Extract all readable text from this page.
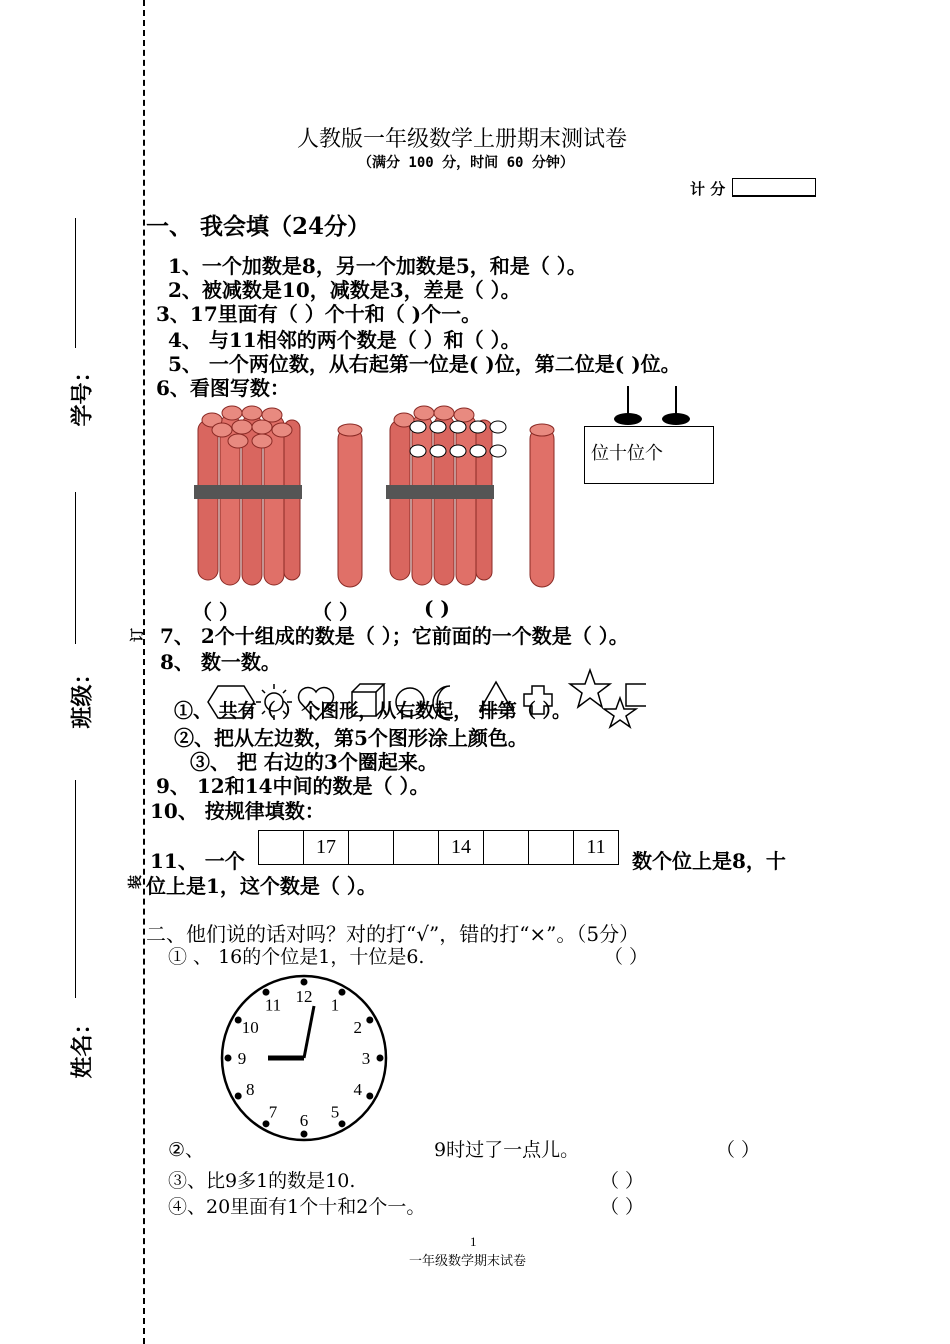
学号：
班级：
姓名：
订
装
人教版一年级数学上册期末测试卷
（满分 100 分，时间 60 分钟）
计 分
一、 我会填（24分）
1、一个加数是8，另一个加数是5，和是（ ）。
2、被减数是10，减数是3，差是（ ）。
3、17里面有（ ）个十和（ )个一。
4、 与11相邻的两个数是（ ）和（ ）。
5、 一个两位数，从右起第一位是( )位，第二位是( )位。
6、看图写数：
位十位个
（ ）	（ ）	( )
7、 2个十组成的数是（ ）；它前面的一个数是（ ）。
8、 数一数。
①、 共有（ ）个图形，从右数起， 排第（ ）。
②、把从左边数，第5个图形涂上颜色。
③、 把 右边的3个圈起来。
9、 12和14中间的数是（ ）。
10、 按规律填数：
17	14	11
11、 一个	数个位上是8，十
位上是1，这个数是（ ）。
二、他们说的话对吗？对的打“√”，错的打“×”。（5分）
① 、 16的个位是1，十位是6.	（ ）
12 1
2
3
4
5
6
7
8
9
10
11
②、	9时过了一点儿。	（ ）
③、比9多1的数是10.	（ ）
④、20里面有1个十和2个一。	（ ）
1
一年级数学期末试卷
